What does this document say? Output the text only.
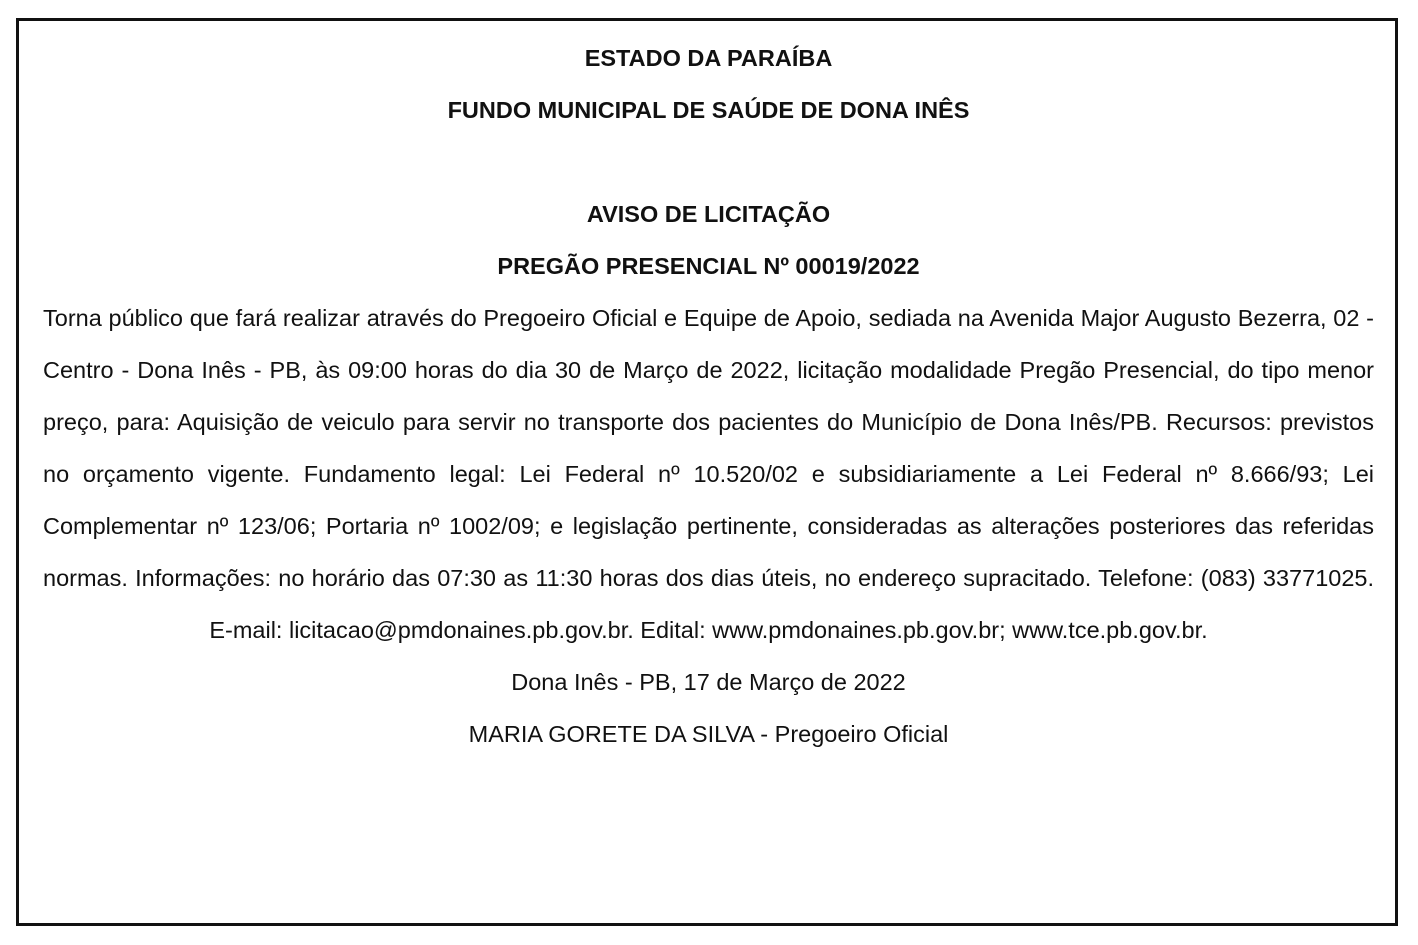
ESTADO DA PARAÍBA
FUNDO MUNICIPAL DE SAÚDE DE DONA INÊS
AVISO DE LICITAÇÃO
PREGÃO PRESENCIAL Nº 00019/2022

Torna público que fará realizar através do Pregoeiro Oficial e Equipe de Apoio, sediada na Avenida Major Augusto Bezerra, 02 - Centro - Dona Inês - PB, às 09:00 horas do dia 30 de Março de 2022, licitação modalidade Pregão Presencial, do tipo menor preço, para: Aquisição de veiculo para servir no transporte dos pacientes do Município de Dona Inês/PB. Recursos: previstos no orçamento vigente. Fundamento legal: Lei Federal nº 10.520/02 e subsidiariamente a Lei Federal nº 8.666/93; Lei Complementar nº 123/06; Portaria nº 1002/09; e legislação pertinente, consideradas as alterações posteriores das referidas normas. Informações: no horário das 07:30 as 11:30 horas dos dias úteis, no endereço supracitado. Telefone: (083) 33771025. E-mail: licitacao@pmdonaines.pb.gov.br. Edital: www.pmdonaines.pb.gov.br; www.tce.pb.gov.br.

Dona Inês - PB, 17 de Março de 2022
MARIA GORETE DA SILVA - Pregoeiro Oficial
